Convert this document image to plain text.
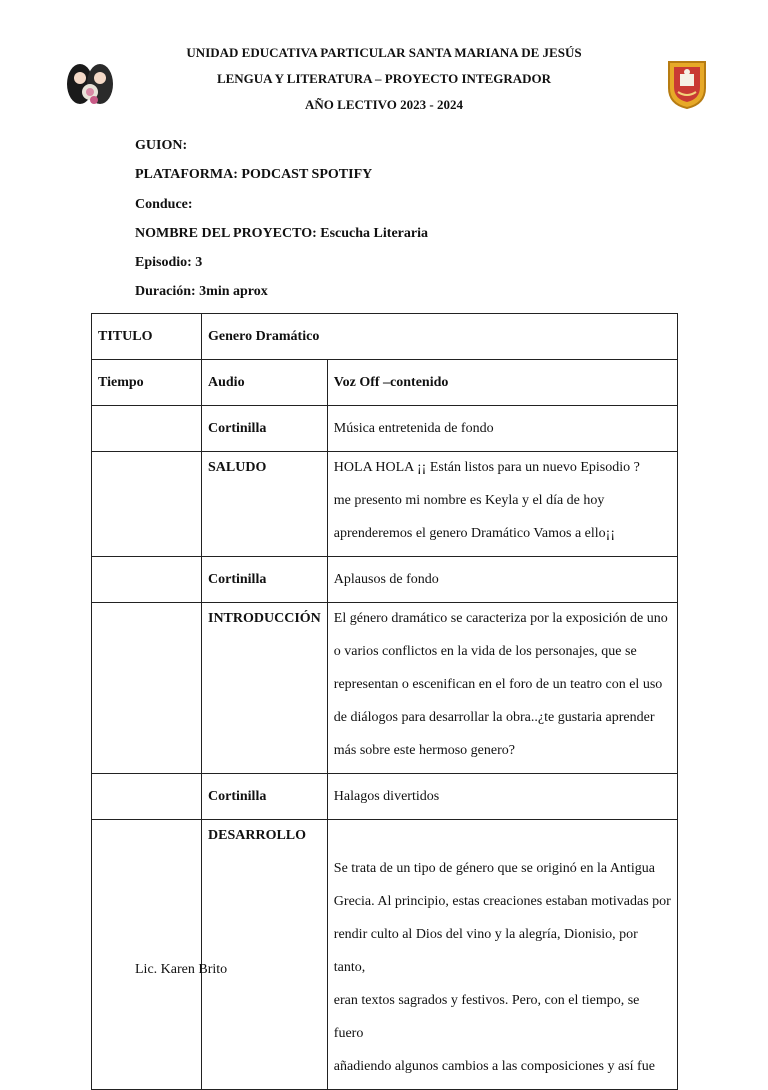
UNIDAD EDUCATIVA PARTICULAR SANTA MARIANA DE JESÚS
LENGUA Y LITERATURA – PROYECTO INTEGRADOR
AÑO LECTIVO 2023 - 2024
GUION:
PLATAFORMA: PODCAST SPOTIFY
Conduce:
NOMBRE DEL PROYECTO: Escucha Literaria
Episodio: 3
Duración: 3min aprox
TITULO	Genero Dramático	
Tiempo	Audio	Voz Off –contenido
	Cortinilla	Música entretenida de fondo

	SALUDO	HOLA HOLA ¡¡ Están listos para un nuevo Episodio ?
me presento mi nombre es Keyla y el día de hoy
aprenderemos el genero Dramático Vamos a ello¡¡

	Cortinilla	Aplausos de fondo

	INTRODUCCIÓN	El género dramático se caracteriza por la exposición de uno
o varios conflictos en la vida de los personajes, que se
representan o escenifican en el foro de un teatro con el uso
de diálogos para desarrollar la obra..¿te gustaria aprender
más sobre este hermoso genero?

	Cortinilla	Halagos divertidos

	DESARROLLO	Se trata de un tipo de género que se originó en la Antigua
Grecia. Al principio, estas creaciones estaban motivadas por
rendir culto al Dios del vino y la alegría, Dionisio, por tanto,
eran textos sagrados y festivos. Pero, con el tiempo, se fuero
añadiendo algunos cambios a las composiciones y así fue
Lic. Karen Brito
